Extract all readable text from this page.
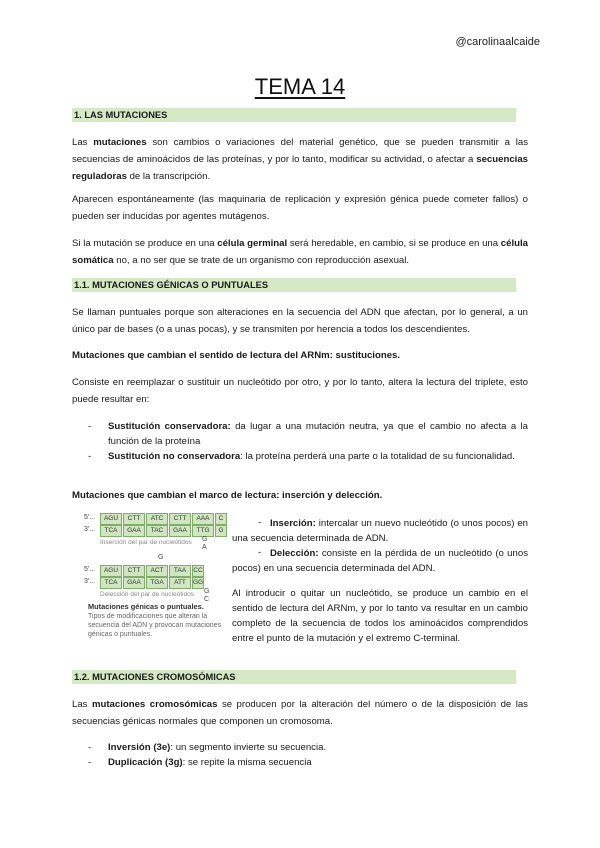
@carolinaalcaide
TEMA 14
1. LAS MUTACIONES

Las mutaciones son cambios o variaciones del material genético, que se pueden transmitir a las secuencias de aminoácidos de las proteínas, y por lo tanto, modificar su actividad, o afectar a secuencias reguladoras de la transcripción.

Aparecen espontáneamente (las maquinaria de replicación y expresión génica puede cometer fallos) o pueden ser inducidas por agentes mutágenos.

Si la mutación se produce en una célula germinal será heredable, en cambio, si se produce en una célula somática no, a no ser que se trate de un organismo con reproducción asexual.

1.1. MUTACIONES GÉNICAS O PUNTUALES

Se llaman puntuales porque son alteraciones en la secuencia del ADN que afectan, por lo general, a un único par de bases (o a unas pocas), y se transmiten por herencia a todos los descendientes.

Mutaciones que cambian el sentido de lectura del ARNm: sustituciones.

Consiste en reemplazar o sustituir un nucleótido por otro, y por lo tanto, altera la lectura del triplete, esto puede resultar en:

- Sustitución conservadora: da lugar a una mutación neutra, ya que el cambio no afecta a la función de la proteína
- Sustitución no conservadora: la proteína perderá una parte o la totalidad de su funcionalidad.
Mutaciones que cambian el marco de lectura: inserción y delección.
5'...
3'...
AGU CTT ATC CTT AAA C
TCA GAA TAC GAA TTG G
Inserción del par de nucleótidos G
A
G
5'...
3'...
AGU CTT ACT TAA CC
TCA GAA TGA ATT GG
Delección del par de nucleótidos G
C
Mutaciones génicas o puntuales.
Tipos de modificaciones que alteran la secuencia del ADN y provocan mutaciones génicas o puntuales.
- Inserción: intercalar un nuevo nucleótido (o unos pocos) en una secuencia determinada de ADN.
- Delección: consiste en la pérdida de un nucleótido (o unos pocos) en una secuencia determinada del ADN.
Al introducir o quitar un nucleótido, se produce un cambio en el sentido de lectura del ARNm, y por lo tanto va resultar en un cambio completo de la secuencia de todos los aminoácidos comprendidos entre el punto de la mutación y el extremo C-terminal.
1.2. MUTACIONES CROMOSÓMICAS

Las mutaciones cromosómicas se producen por la alteración del número o de la disposición de las secuencias génicas normales que componen un cromosoma.

- Inversión (3e): un segmento invierte su secuencia.
- Duplicación (3g): se repite la misma secuencia
